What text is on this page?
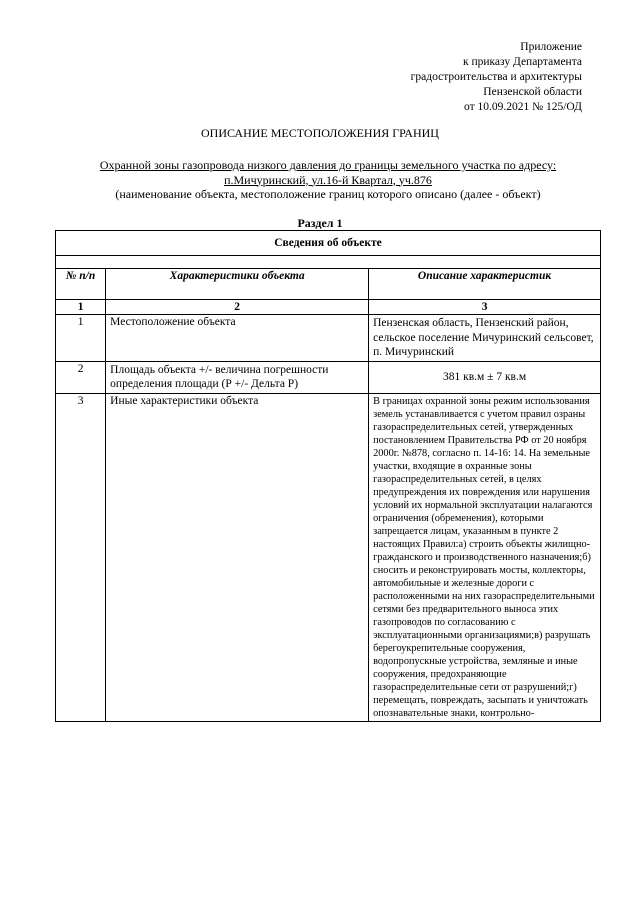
Приложение
к приказу Департамента
градостроительства и архитектуры
Пензенской области
от 10.09.2021 № 125/ОД
ОПИСАНИЕ МЕСТОПОЛОЖЕНИЯ ГРАНИЦ
Охранной зоны газопровода низкого давления до границы земельного участка по адресу:
п.Мичуринский, ул.16-й Квартал, уч.876
(наименование объекта, местоположение границ которого описано (далее - объект)
Раздел 1
Сведения об объекте		

№ п/п	Характеристики объекта	Описание характеристик
1	2	3
1	Местоположение объекта	Пензенская область, Пензенский район, сельское поселение Мичуринский сельсовет, п. Мичуринский
2	Площадь объекта +/- величина погрешности определения площади (Р +/- Дельта Р)	381 кв.м ± 7 кв.м
3	Иные характеристики объекта	В границах охранной зоны режим использования земель устанавливается с учетом правил озраны газораспределительных сетей, утвержденных постановлением Правительства РФ от 20 ноября 2000г. №878, согласно п. 14-16: 14. На земельные участки, входящие в охранные зоны газораспределительных сетей, в целях предупреждения их повреждения или нарушения условий их нормальной эксплуатации налагаются ограничения (обременения), которыми запрещается лицам, указанным в пункте 2 настоящих Правил:а) строить объекты жилищно-гражданского и производственного назначения;б) сносить и реконструировать мосты, коллекторы, автомобильные и железные дороги с расположенными на них газораспределительными сетями без предварительного выноса этих газопроводов по согласованию с эксплуатационными организациями;в) разрушать берегоукрепительные сооружения, водопропускные устройства, земляные и иные сооружения, предохраняющие газораспределительные сети от разрушений;г) перемещать, повреждать, засыпать и уничтожать опознавательные знаки, контрольно-
